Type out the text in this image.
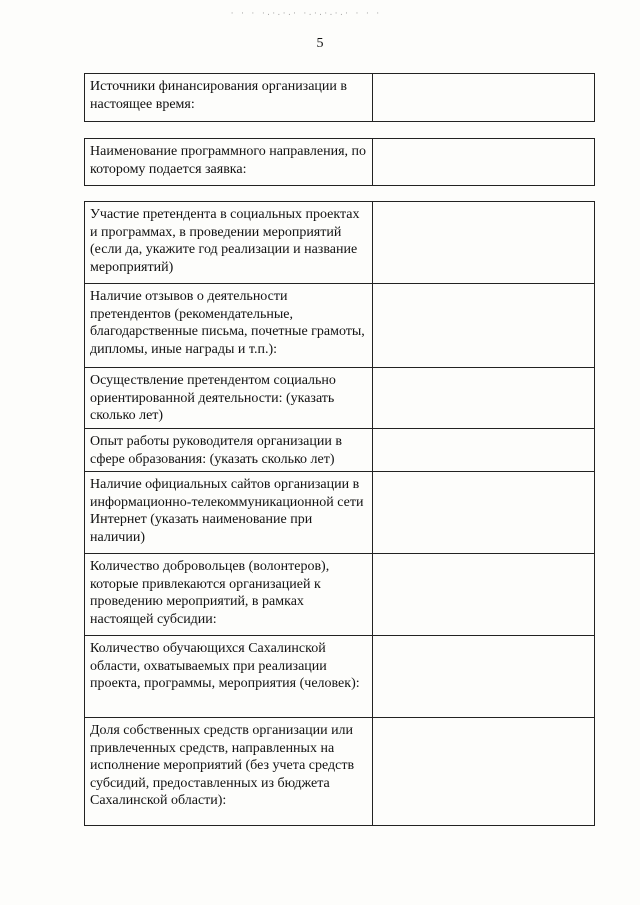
· · · ·.·.·.· ·.·.·.·.· · · ·
5
Источники финансирования организации в настоящее время:	
Наименование программного направления, по которому подается заявка:	
Участие претендента в социальных проектах и программах, в проведении мероприятий (если да, укажите год реализации и название мероприятий)	
Наличие отзывов о деятельности претендентов (рекомендательные, благодарственные письма, почетные грамоты, дипломы, иные награды и т.п.):	
Осуществление претендентом социально ориентированной деятельности: (указать сколько лет)	
Опыт работы руководителя организации в сфере образования: (указать сколько лет)	
Наличие официальных сайтов организации в информационно-телекоммуникационной сети Интернет (указать наименование при наличии)	
Количество добровольцев (волонтеров), которые привлекаются организацией к проведению мероприятий, в рамках настоящей субсидии:	
Количество обучающихся Сахалинской области, охватываемых при реализации проекта, программы, мероприятия (человек):	
Доля собственных средств организации или привлеченных средств, направленных на исполнение мероприятий (без учета средств субсидий, предоставленных из бюджета Сахалинской области):	
